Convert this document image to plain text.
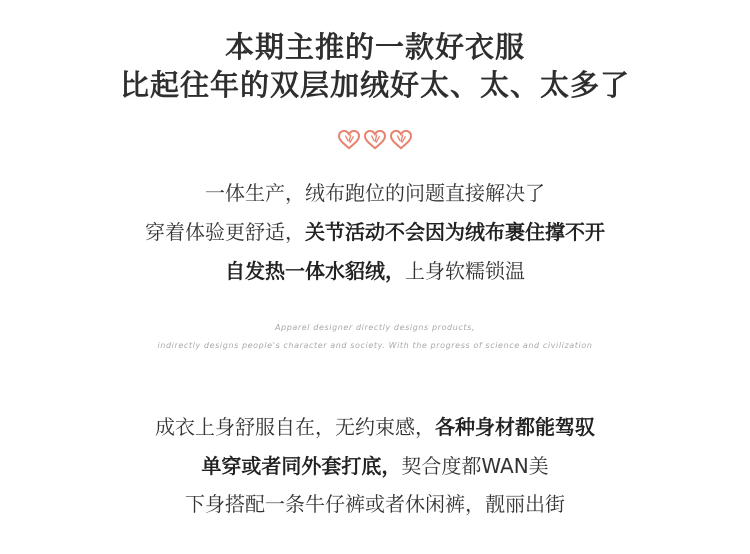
本期主推的一款好衣服
比起往年的双层加绒好太、太、太多了
一体生产，绒布跑位的问题直接解决了
穿着体验更舒适，关节活动不会因为绒布裹住撑不开
自发热一体水貂绒，上身软糯锁温
Apparel designer directly designs products,
indirectly designs people's character and society. With the progress of science and civilization
成衣上身舒服自在，无约束感，各种身材都能驾驭
单穿或者同外套打底，契合度都WAN美
下身搭配一条牛仔裤或者休闲裤，靓丽出街
